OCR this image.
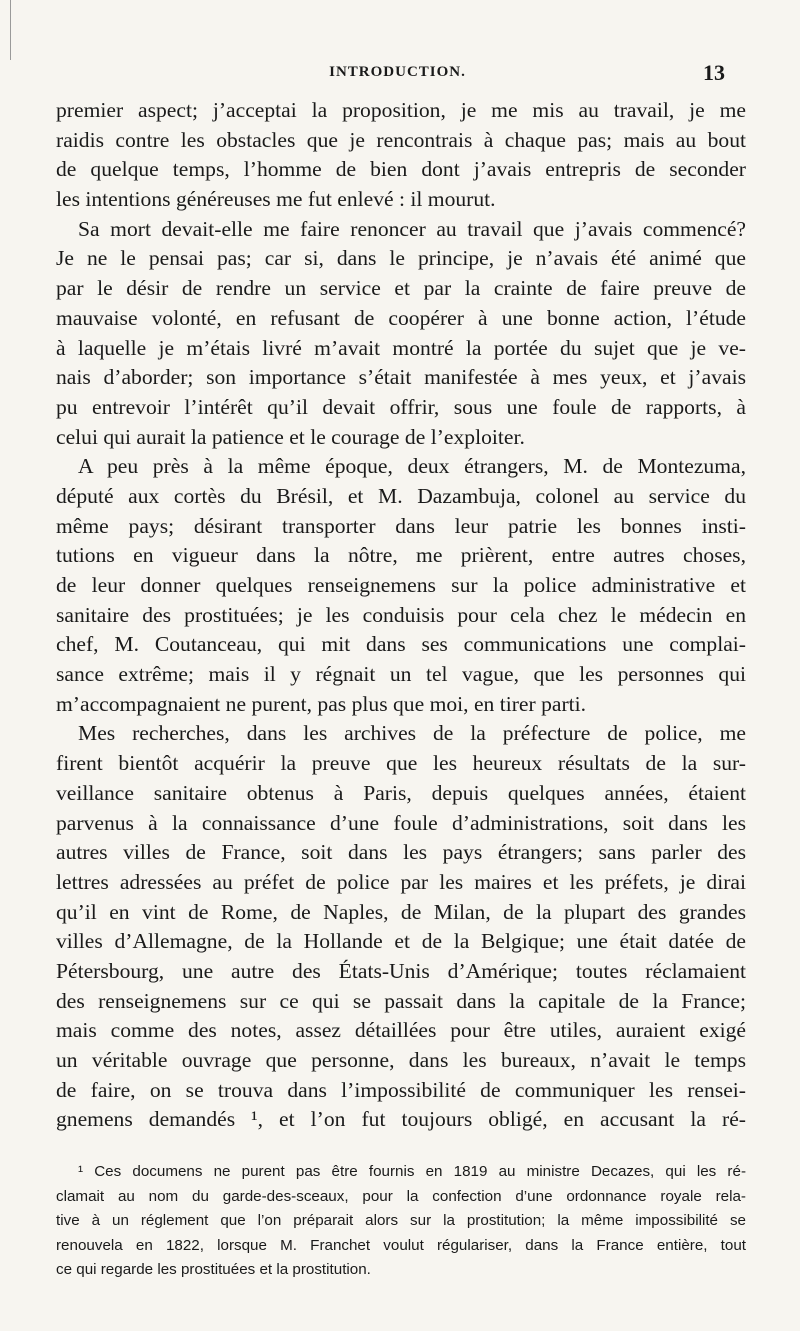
INTRODUCTION.	13
premier aspect; j’acceptai la proposition, je me mis au travail, je me
raidis contre les obstacles que je rencontrais à chaque pas; mais au bout
de quelque temps, l’homme de bien dont j’avais entrepris de seconder
les intentions généreuses me fut enlevé : il mourut.
Sa mort devait-elle me faire renoncer au travail que j’avais commencé?
Je ne le pensai pas; car si, dans le principe, je n’avais été animé que
par le désir de rendre un service et par la crainte de faire preuve de
mauvaise volonté, en refusant de coopérer à une bonne action, l’étude
à laquelle je m’étais livré m’avait montré la portée du sujet que je ve-
nais d’aborder; son importance s’était manifestée à mes yeux, et j’avais
pu entrevoir l’intérêt qu’il devait offrir, sous une foule de rapports, à
celui qui aurait la patience et le courage de l’exploiter.
A peu près à la même époque, deux étrangers, M. de Montezuma,
député aux cortès du Brésil, et M. Dazambuja, colonel au service du
même pays; désirant transporter dans leur patrie les bonnes insti-
tutions en vigueur dans la nôtre, me prièrent, entre autres choses,
de leur donner quelques renseignemens sur la police administrative et
sanitaire des prostituées; je les conduisis pour cela chez le médecin en
chef, M. Coutanceau, qui mit dans ses communications une complai-
sance extrême; mais il y régnait un tel vague, que les personnes qui
m’accompagnaient ne purent, pas plus que moi, en tirer parti.
Mes recherches, dans les archives de la préfecture de police, me
firent bientôt acquérir la preuve que les heureux résultats de la sur-
veillance sanitaire obtenus à Paris, depuis quelques années, étaient
parvenus à la connaissance d’une foule d’administrations, soit dans les
autres villes de France, soit dans les pays étrangers; sans parler des
lettres adressées au préfet de police par les maires et les préfets, je dirai
qu’il en vint de Rome, de Naples, de Milan, de la plupart des grandes
villes d’Allemagne, de la Hollande et de la Belgique; une était datée de
Pétersbourg, une autre des États-Unis d’Amérique; toutes réclamaient
des renseignemens sur ce qui se passait dans la capitale de la France;
mais comme des notes, assez détaillées pour être utiles, auraient exigé
un véritable ouvrage que personne, dans les bureaux, n’avait le temps
de faire, on se trouva dans l’impossibilité de communiquer les rensei-
gnemens demandés ¹, et l’on fut toujours obligé, en accusant la ré-
¹ Ces documens ne purent pas être fournis en 1819 au ministre Decazes, qui les ré-
clamait au nom du garde-des-sceaux, pour la confection d’une ordonnance royale rela-
tive à un réglement que l’on préparait alors sur la prostitution; la même impossibilité se
renouvela en 1822, lorsque M. Franchet voulut régulariser, dans la France entière, tout
ce qui regarde les prostituées et la prostitution.
